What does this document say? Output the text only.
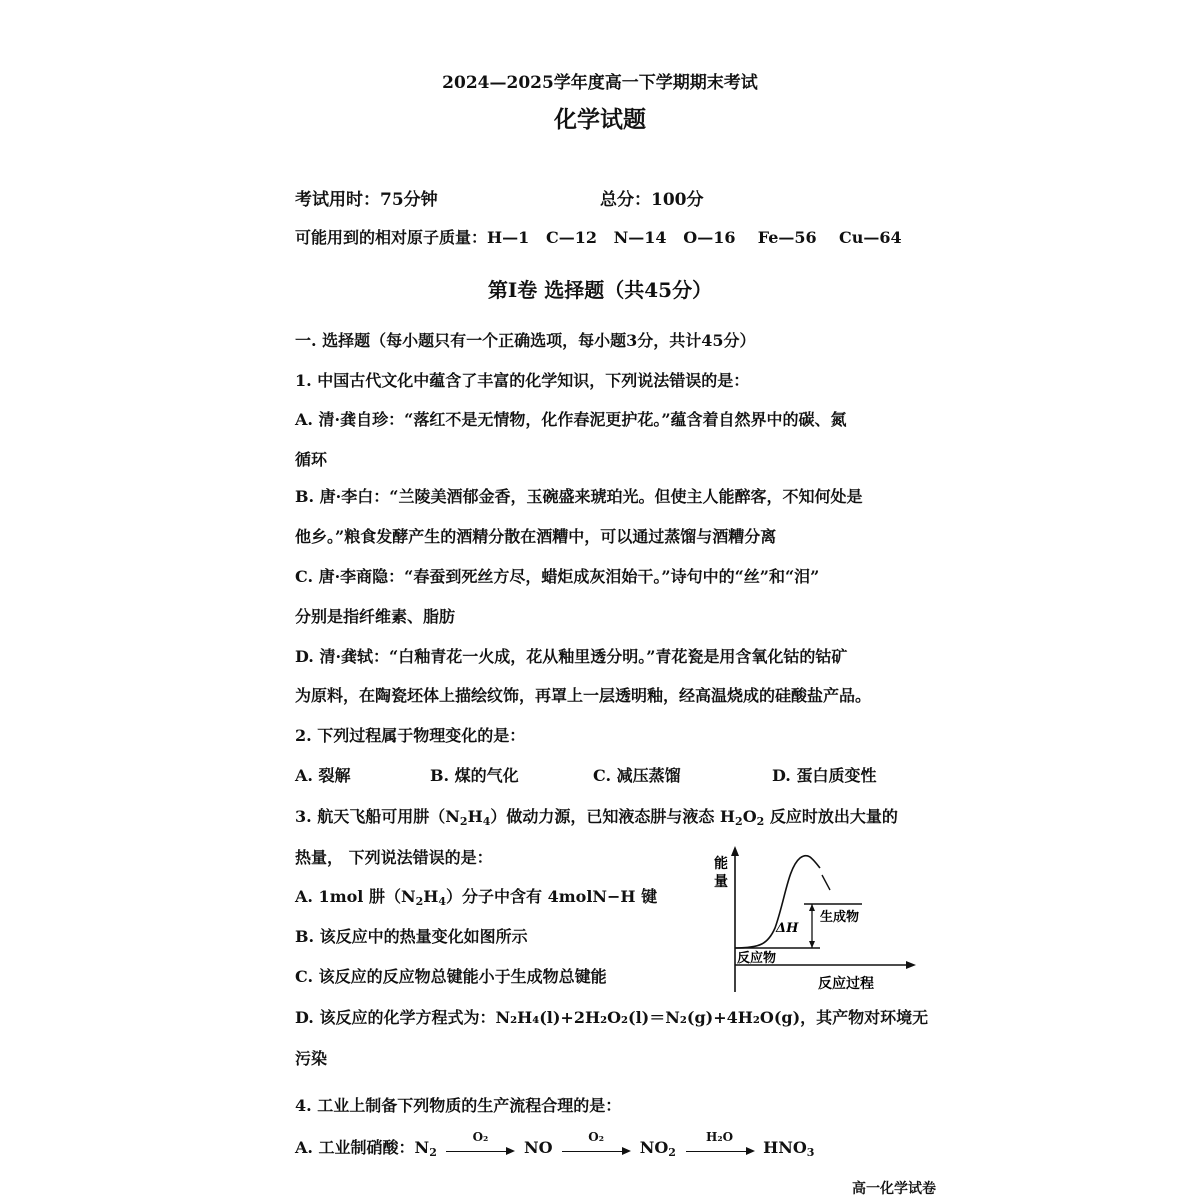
2024—2025学年度高一下学期期末考试
化学试题
考试用时：75分钟	总分：100分
可能用到的相对原子质量：H—1   C—12   N—14   O—16    Fe—56    Cu—64
第Ⅰ卷 选择题（共45分）
一. 选择题（每小题只有一个正确选项，每小题3分，共计45分）
1. 中国古代文化中蕴含了丰富的化学知识，下列说法错误的是：
A. 清·龚自珍：“落红不是无情物，化作春泥更护花。”蕴含着自然界中的碳、氮
循环
B. 唐·李白：“兰陵美酒郁金香，玉碗盛来琥珀光。但使主人能醉客，不知何处是
他乡。”粮食发酵产生的酒精分散在酒糟中，可以通过蒸馏与酒糟分离
C. 唐·李商隐：“春蚕到死丝方尽，蜡炬成灰泪始干。”诗句中的“丝”和“泪”
分别是指纤维素、脂肪
D. 清·龚轼：“白釉青花一火成，花从釉里透分明。”青花瓷是用含氧化钴的钴矿
为原料，在陶瓷坯体上描绘纹饰，再罩上一层透明釉，经高温烧成的硅酸盐产品。
2. 下列过程属于物理变化的是：
A. 裂解	B. 煤的气化	C. 减压蒸馏	D. 蛋白质变性
3. 航天飞船可用肼$(N_2H_4)$做动力源，已知液态肼与液态 $H_2O_2$ 反应时放出大量的
热量， 下列说法错误的是：
A. 1mol 肼$(N_2H_4)$分子中含有 4molN−H 键
B. 该反应中的热量变化如图所示
C. 该反应的反应物总键能小于生成物总键能
D. 该反应的化学方程式为：N₂H₄(l)+2H₂O₂(l)＝N₂(g)+4H₂O(g)，其产物对环境无
污染
能
量
ΔH
生成物
反应物
反应过程
4. 工业上制备下列物质的生产流程合理的是：
A. 工业制硝酸：$N_2$
O₂
NO
O₂
$NO_2$
H₂O
$HNO_3$
高一化学试卷
